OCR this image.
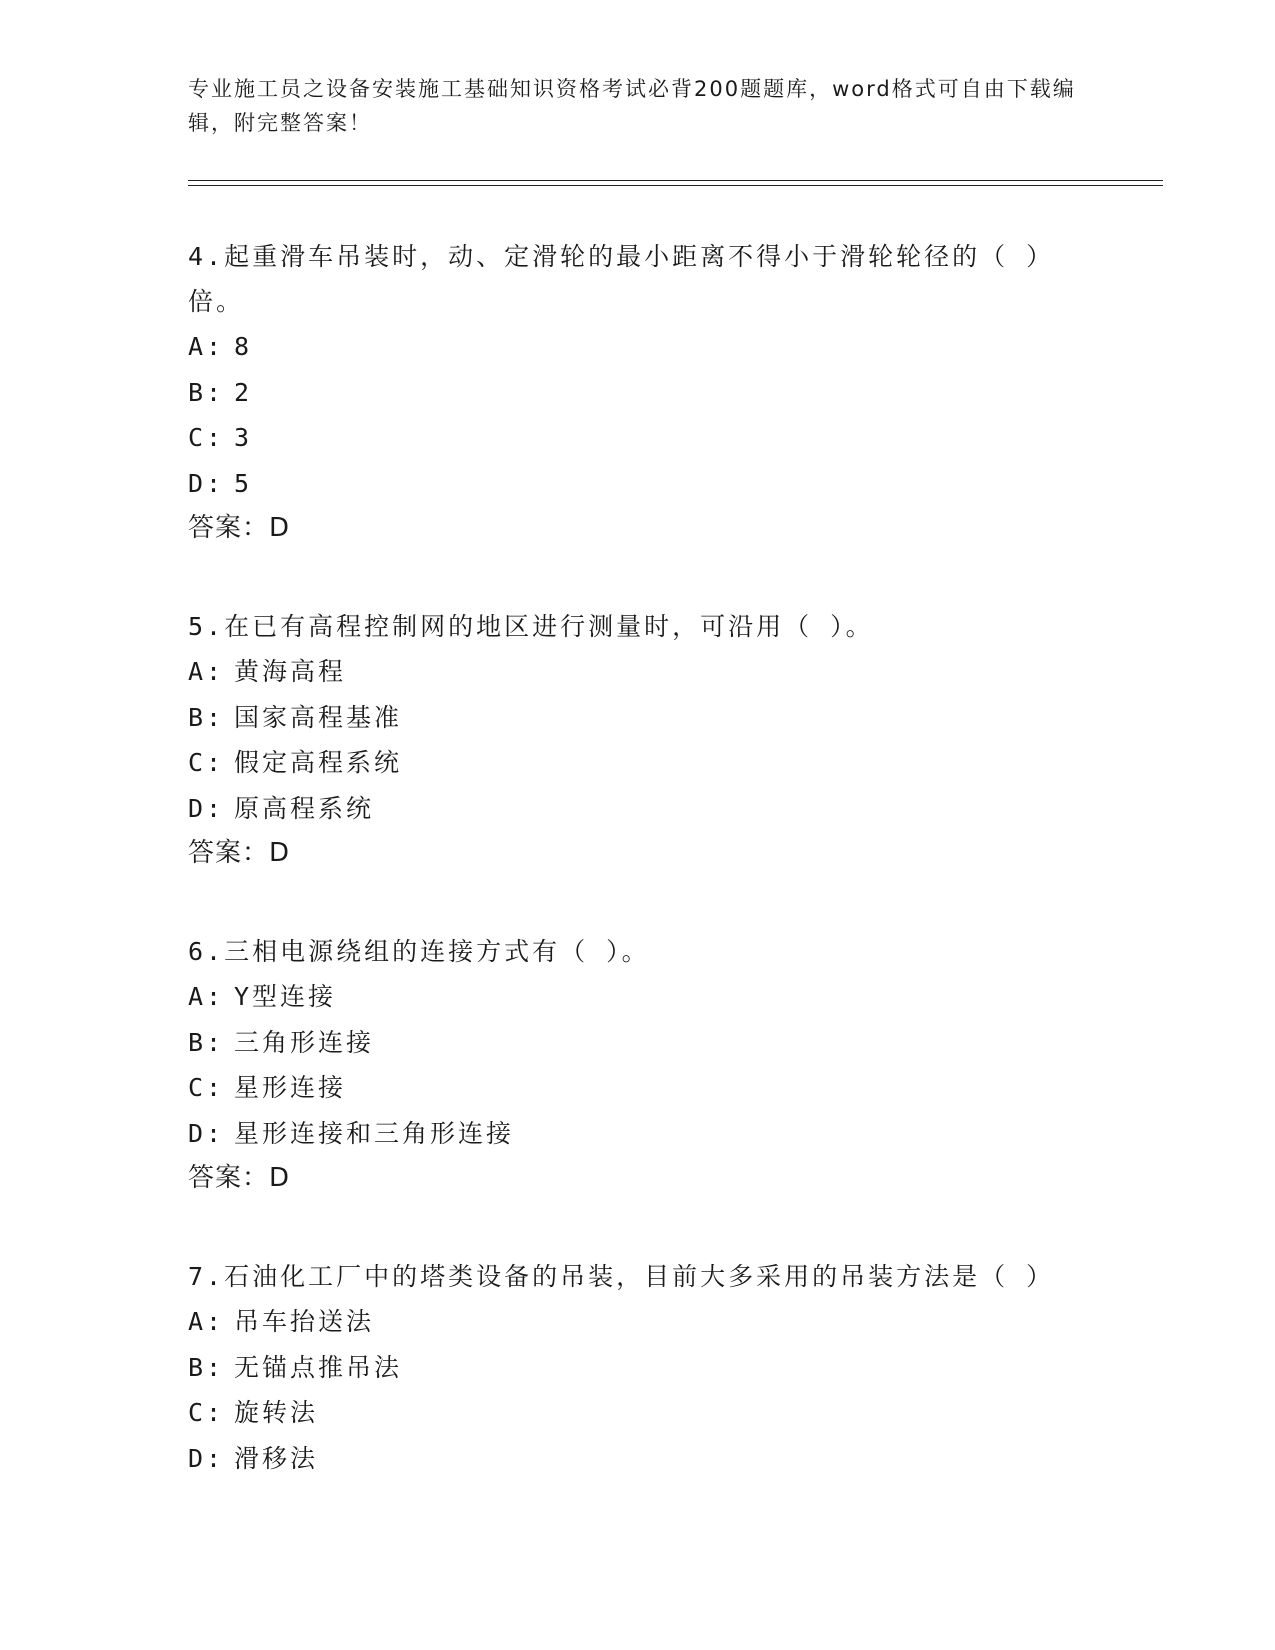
专业施工员之设备安装施工基础知识资格考试必背200题题库，word格式可自由下载编辑，附完整答案！
4.起重滑车吊装时，动、定滑轮的最小距离不得小于滑轮轮径的（ ）倍。
A: 8
B: 2
C: 3
D: 5
答案：D
5.在已有高程控制网的地区进行测量时，可沿用（ ）。
A: 黄海高程
B: 国家高程基准
C: 假定高程系统
D: 原高程系统
答案：D
6.三相电源绕组的连接方式有（ ）。
A: Y型连接
B: 三角形连接
C: 星形连接
D: 星形连接和三角形连接
答案：D
7.石油化工厂中的塔类设备的吊装，目前大多采用的吊装方法是（ ）
A: 吊车抬送法
B: 无锚点推吊法
C: 旋转法
D: 滑移法
